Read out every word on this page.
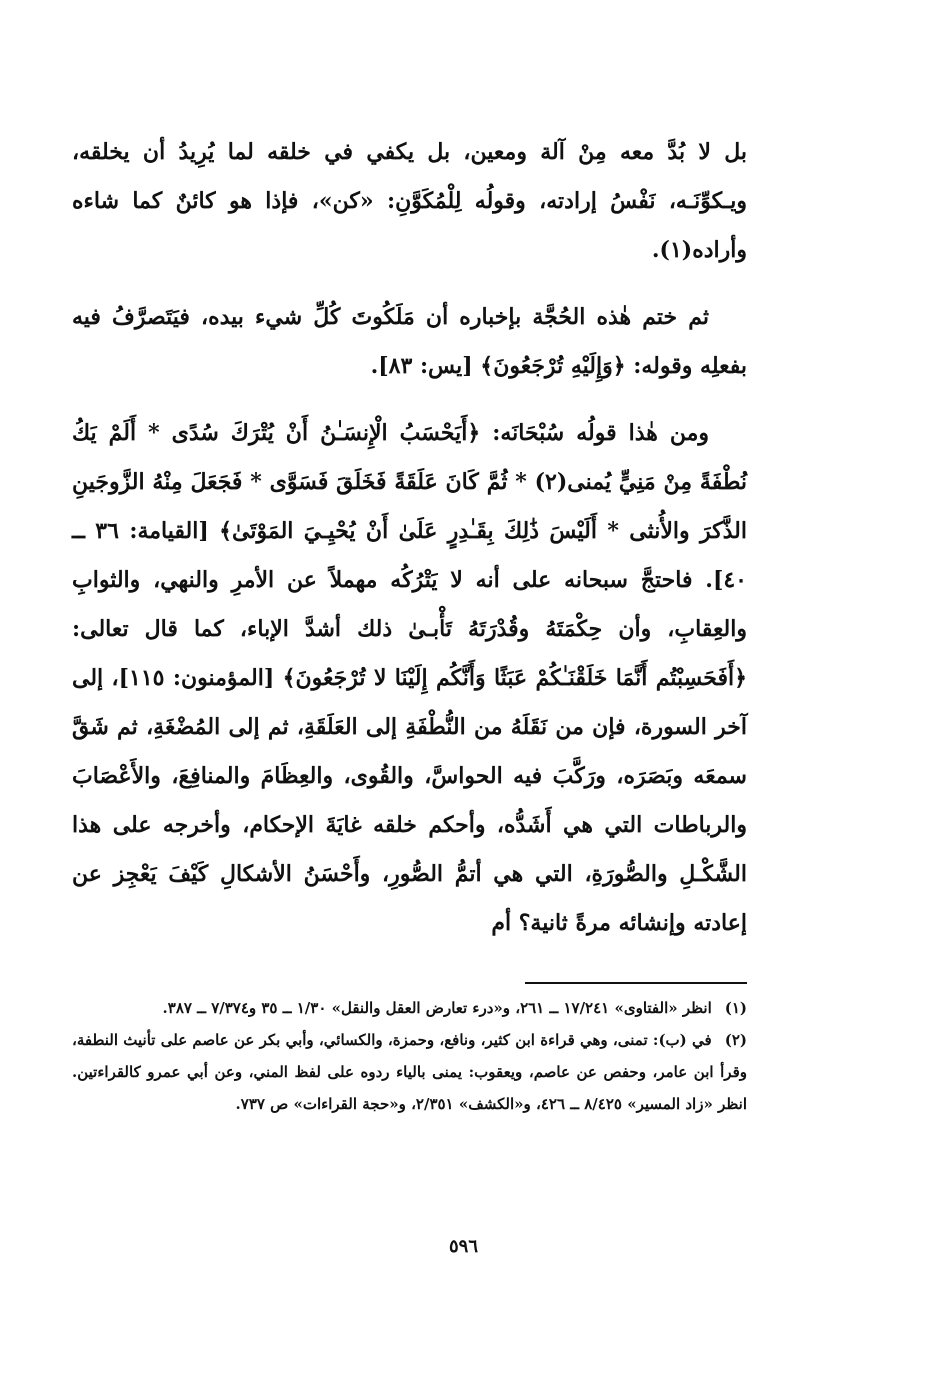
بل لا بُدَّ معه مِنْ آلة ومعين، بل يكفي في خلقه لما يُرِيدُ أن يخلقه، ويـكوِّنَـه، نَفْسُ إرادته، وقولُه لِلْمُكَوَّنِ: «كن»، فإذا هو كائنٌ كما شاءه وأراده(١).

ثم ختم هٰذه الحُجَّة بإخباره أن مَلَكُوتَ كُلِّ شيء بيده، فيَتَصرَّفُ فيه بفعلِه وقوله: ﴿وَإِلَيْهِ تُرْجَعُونَ﴾ [يس: ٨٣].

ومن هٰذا قولُه سُبْحَانَه: ﴿أَيَحْسَبُ الْإِنسَـٰنُ أَنْ يُتْرَكَ سُدًى * أَلَمْ يَكُ نُطْفَةً مِنْ مَنِيٍّ يُمنى(٢) * ثُمَّ كَانَ عَلَقَةً فَخَلَقَ فَسَوَّى * فَجَعَلَ مِنْهُ الزَّوجَينِ الذَّكرَ والأُنثى * أَلَيْسَ ذَٰلِكَ بِقَـٰدِرٍ عَلَىٰ أَنْ يُحْيِـيَ المَوْتَىٰ﴾ [القيامة: ٣٦ ــ ٤٠]. فاحتجَّ سبحانه على أنه لا يَتْرُكُه مهملاً عن الأمرِ والنهي، والثوابِ والعِقابِ، وأن حِكْمَتَهُ وقُدْرَتَهُ تَأْبـىٰ ذلك أشدَّ الإباء، كما قال تعالى: ﴿أَفَحَسِبْتُم أَنَّمَا خَلَقْنَـٰكُمْ عَبَثًا وَأَنَّكُم إِلَيْنَا لا تُرْجَعُونَ﴾ [المؤمنون: ١١٥]، إلى آخر السورة، فإن من نَقَلَهُ من النُّطْفَةِ إلى العَلَقَةِ، ثم إلى المُضْغَةِ، ثم شَقَّ سمعَه وبَصَرَه، ورَكَّبَ فيه الحواسَّ، والقُوى، والعِظَامَ والمنافِعَ، والأَعْصَابَ والرباطات التي هي أَشَدُّه، وأحكم خلقه غايَةَ الإحكام، وأخرجه على هذا الشَّكْـلِ والصُّورَةِ، التي هي أتمُّ الصُّورِ، وأَحْسَنُ الأشكالِ كَيْفَ يَعْجِز عن إعادته وإنشائه مرةً ثانية؟ أم

(١) انظر «الفتاوى» ١٧/٢٤١ ــ ٢٦١، و«درء تعارض العقل والنقل» ١/٣٠ ــ ٣٥ و٧/٣٧٤ ــ ٣٨٧.

(٢) في (ب): تمنى، وهي قراءة ابن كثير، ونافع، وحمزة، والكسائي، وأبي بكر عن عاصم على تأنيث النطفة، وقرأ ابن عامر، وحفص عن عاصم، ويعقوب: يمنى بالياء ردوه على لفظ المني، وعن أبي عمرو كالقراءتين. انظر «زاد المسير» ٨/٤٢٥ ــ ٤٢٦، و«الكشف» ٢/٣٥١، و«حجة القراءات» ص ٧٣٧.

٥٩٦
